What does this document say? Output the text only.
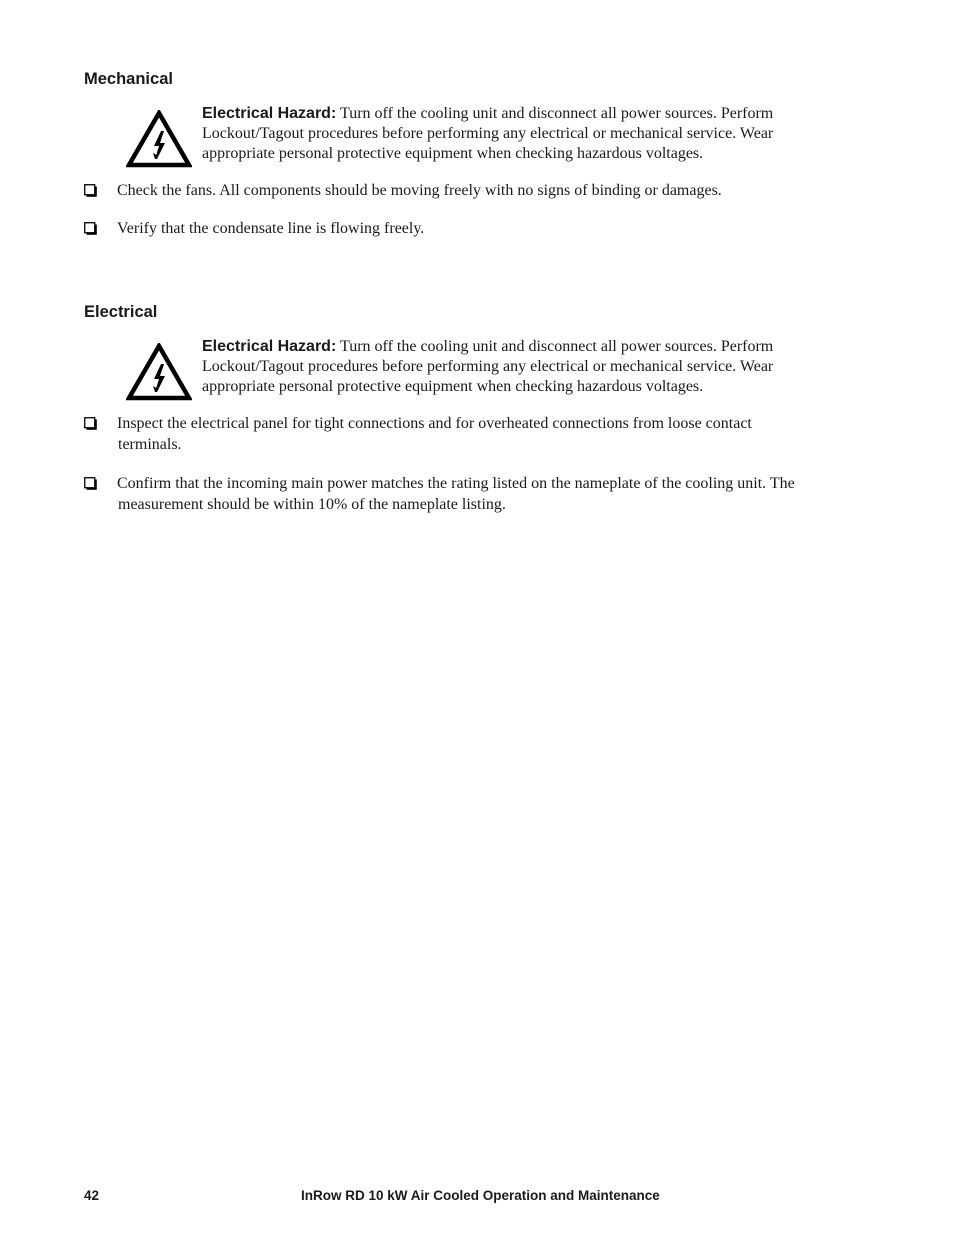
Mechanical
Electrical Hazard: Turn off the cooling unit and disconnect all power sources. Perform
Lockout/Tagout procedures before performing any electrical or mechanical service. Wear
appropriate personal protective equipment when checking hazardous voltages.
Check the fans. All components should be moving freely with no signs of binding or damages.
Verify that the condensate line is flowing freely.
Electrical
Electrical Hazard: Turn off the cooling unit and disconnect all power sources. Perform
Lockout/Tagout procedures before performing any electrical or mechanical service. Wear
appropriate personal protective equipment when checking hazardous voltages.
Inspect the electrical panel for tight connections and for overheated connections from loose contact
terminals.
Confirm that the incoming main power matches the rating listed on the nameplate of the cooling unit. The
measurement should be within 10% of the nameplate listing.
42	InRow RD 10 kW Air Cooled Operation and Maintenance
